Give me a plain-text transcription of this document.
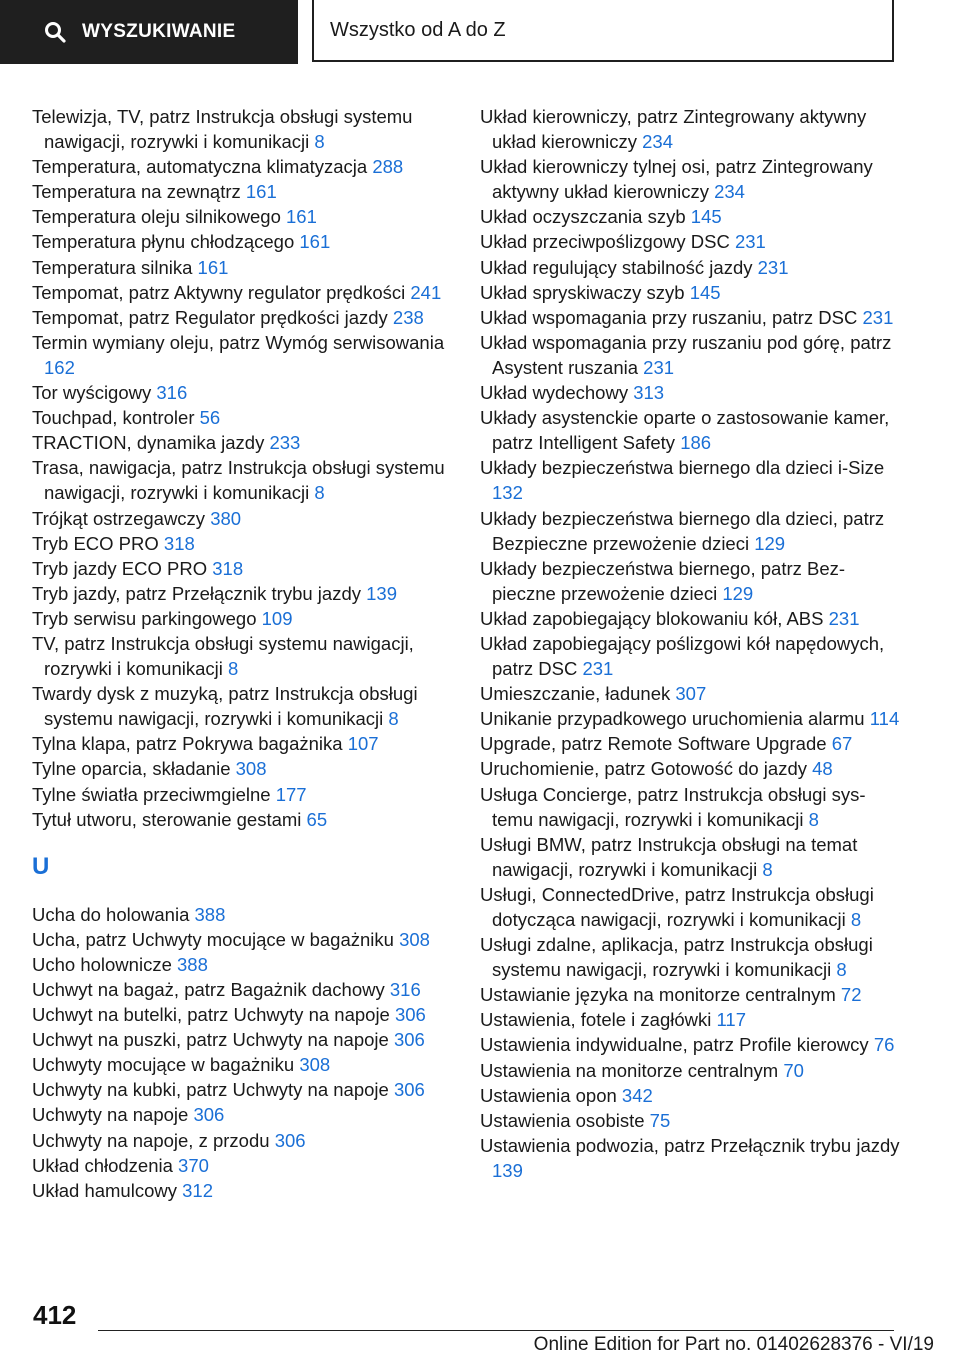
WYSZUKIWANIE	Wszystko od A do Z
Telewizja, TV, patrz Instrukcja obsługi systemu nawigacji, rozrywki i komunikacji 8
Temperatura, automatyczna klimatyzacja 288
Temperatura na zewnątrz 161
Temperatura oleju silnikowego 161
Temperatura płynu chłodzącego 161
Temperatura silnika 161
Tempomat, patrz Aktywny regulator prędkości 241
Tempomat, patrz Regulator prędkości jazdy 238
Termin wymiany oleju, patrz Wymóg serwisowania 162
Tor wyścigowy 316
Touchpad, kontroler 56
TRACTION, dynamika jazdy 233
Trasa, nawigacja, patrz Instrukcja obsługi systemu nawigacji, rozrywki i komunikacji 8
Trójkąt ostrzegawczy 380
Tryb ECO PRO 318
Tryb jazdy ECO PRO 318
Tryb jazdy, patrz Przełącznik trybu jazdy 139
Tryb serwisu parkingowego 109
TV, patrz Instrukcja obsługi systemu nawigacji, rozrywki i komunikacji 8
Twardy dysk z muzyką, patrz Instrukcja obsługi systemu nawigacji, rozrywki i komunikacji 8
Tylna klapa, patrz Pokrywa bagażnika 107
Tylne oparcia, składanie 308
Tylne światła przeciwmgielne 177
Tytuł utworu, sterowanie gestami 65
U
Ucha do holowania 388
Ucha, patrz Uchwyty mocujące w bagażniku 308
Ucho holownicze 388
Uchwyt na bagaż, patrz Bagażnik dachowy 316
Uchwyt na butelki, patrz Uchwyty na napoje 306
Uchwyt na puszki, patrz Uchwyty na napoje 306
Uchwyty mocujące w bagażniku 308
Uchwyty na kubki, patrz Uchwyty na napoje 306
Uchwyty na napoje 306
Uchwyty na napoje, z przodu 306
Układ chłodzenia 370
Układ hamulcowy 312
Układ kierowniczy, patrz Zintegrowany aktywny układ kierowniczy 234
Układ kierowniczy tylnej osi, patrz Zintegrowany aktywny układ kierowniczy 234
Układ oczyszczania szyb 145
Układ przeciwpoślizgowy DSC 231
Układ regulujący stabilność jazdy 231
Układ spryskiwaczy szyb 145
Układ wspomagania przy ruszaniu, patrz DSC 231
Układ wspomagania przy ruszaniu pod górę, patrz Asystent ruszania 231
Układ wydechowy 313
Układy asystenckie oparte o zastosowanie kamer, patrz Intelligent Safety 186
Układy bezpieczeństwa biernego dla dzieci i-Size 132
Układy bezpieczeństwa biernego dla dzieci, patrz Bezpieczne przewożenie dzieci 129
Układy bezpieczeństwa biernego, patrz Bezpieczne przewożenie dzieci 129
Układ zapobiegający blokowaniu kół, ABS 231
Układ zapobiegający poślizgowi kół napędowych, patrz DSC 231
Umieszczanie, ładunek 307
Unikanie przypadkowego uruchomienia alarmu 114
Upgrade, patrz Remote Software Upgrade 67
Uruchomienie, patrz Gotowość do jazdy 48
Usługa Concierge, patrz Instrukcja obsługi systemu nawigacji, rozrywki i komunikacji 8
Usługi BMW, patrz Instrukcja obsługi na temat nawigacji, rozrywki i komunikacji 8
Usługi, ConnectedDrive, patrz Instrukcja obsługi dotycząca nawigacji, rozrywki i komunikacji 8
Usługi zdalne, aplikacja, patrz Instrukcja obsługi systemu nawigacji, rozrywki i komunikacji 8
Ustawianie języka na monitorze centralnym 72
Ustawienia, fotele i zagłówki 117
Ustawienia indywidualne, patrz Profile kierowcy 76
Ustawienia na monitorze centralnym 70
Ustawienia opon 342
Ustawienia osobiste 75
Ustawienia podwozia, patrz Przełącznik trybu jazdy 139
412
Online Edition for Part no. 01402628376 - VI/19
